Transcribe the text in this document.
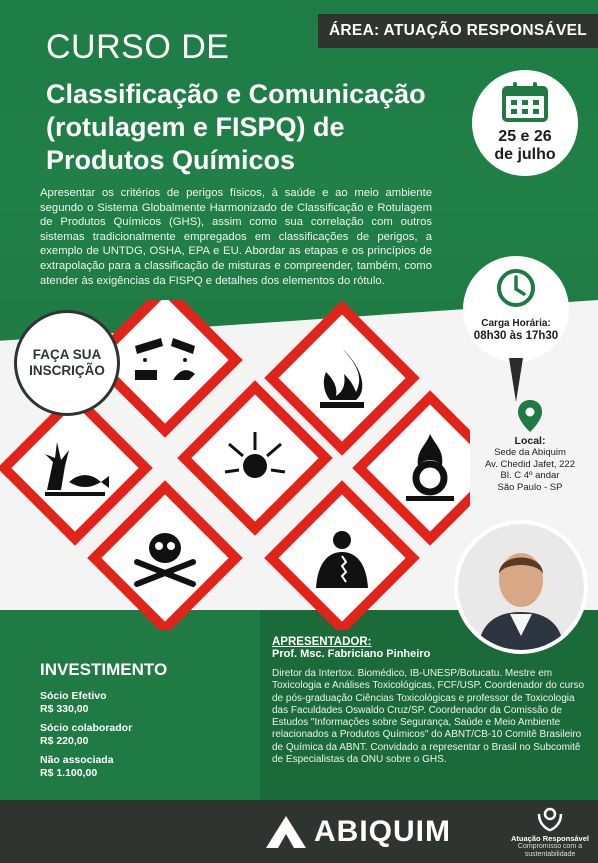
ÁREA: ATUAÇÃO RESPONSÁVEL
CURSO DE
Classificação e Comunicação
(rotulagem e FISPQ) de
Produtos Químicos
25 e 26
de julho

Apresentar os critérios de perigos físicos, à saúde e ao meio ambiente segundo o Sistema Globalmente Harmonizado de Classificação e Rotulagem de Produtos Químicos (GHS), assim como sua correlação com outros sistemas tradicionalmente empregados em classificações de perigos, a exemplo de UNTDG, OSHA, EPA e EU. Abordar as etapas e os princípios de extrapolação para a classificação de misturas e compreender, também, como atender às exigências da FISPQ e detalhes dos elementos do rótulo.

FAÇA SUA
INSCRIÇÃO
Carga Horária:
08h30 às 17h30
Local:
Sede da Abiquim
Av. Chedid Jafet, 222
Bl. C 4º andar
São Paulo - SP
INVESTIMENTO
Sócio Efetivo
R$ 330,00
Sócio colaborador
R$ 220,00
Não associada
R$ 1.100,00
APRESENTADOR:
Prof. Msc. Fabriciano Pinheiro

Diretor da Intertox. Biomédico, IB-UNESP/Botucatu. Mestre em Toxicologia e Análises Toxicológicas, FCF/USP. Coordenador do curso de pós-graduação Ciências Toxicológicas e professor de Toxicologia das Faculdades Oswaldo Cruz/SP. Coordenador da Comissão de Estudos "Informações sobre Segurança, Saúde e Meio Ambiente relacionados a Produtos Químicos" do ABNT/CB-10 Comitê Brasileiro de Química da ABNT. Convidado a representar o Brasil no Subcomitê de Especialistas da ONU sobre o GHS.

ABIQUIM	Atuação Responsável
Compromisso com a sustentabilidade
